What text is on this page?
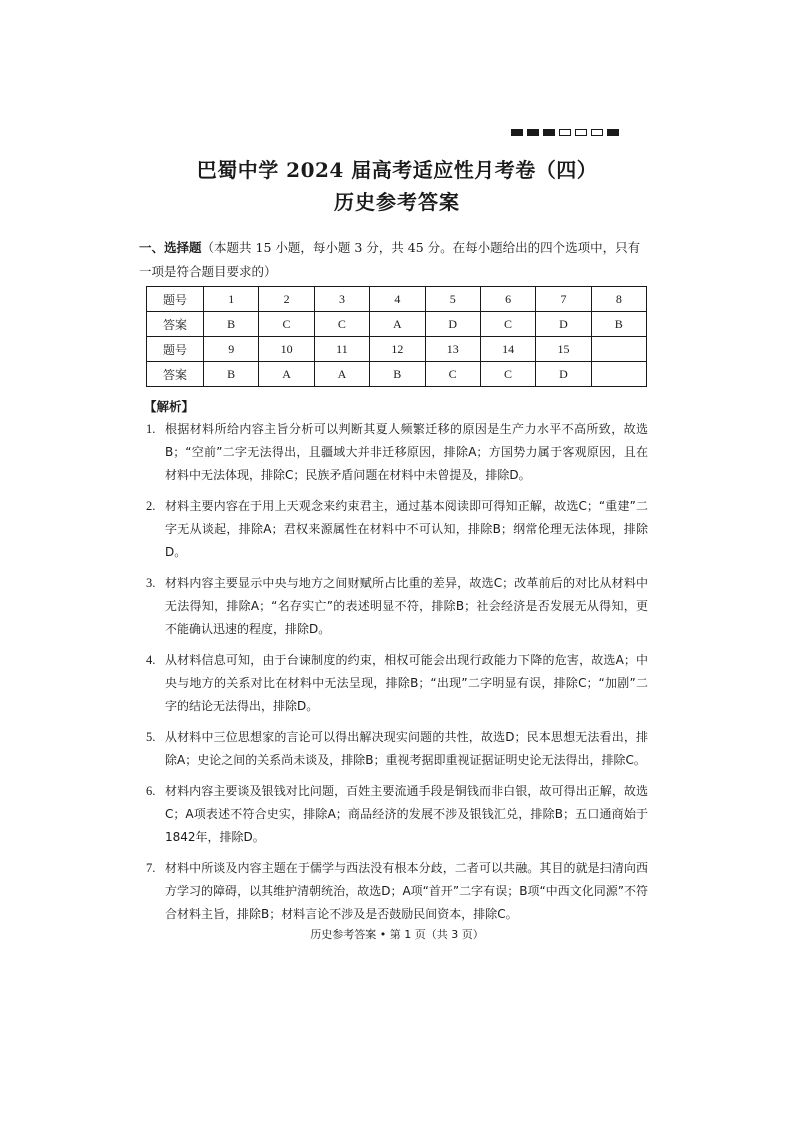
巴蜀中学 2024 届高考适应性月考卷（四）
历史参考答案

一、选择题（本题共 15 小题，每小题 3 分，共 45 分。在每小题给出的四个选项中，只有一项是符合题目要求的）

题号	1	2	3	4	5	6	7	8
答案	B	C	C	A	D	C	D	B
题号	9	10	11	12	13	14	15	
答案	B	A	A	B	C	C	D	

【解析】

1. 根据材料所给内容主旨分析可以判断其夏人频繁迁移的原因是生产力水平不高所致，故选B；“空前”二字无法得出，且疆域大并非迁移原因，排除A；方国势力属于客观原因，且在材料中无法体现，排除C；民族矛盾问题在材料中未曾提及，排除D。
2. 材料主要内容在于用上天观念来约束君主，通过基本阅读即可得知正解，故选C；“重建”二字无从谈起，排除A；君权来源属性在材料中不可认知，排除B；纲常伦理无法体现，排除D。
3. 材料内容主要显示中央与地方之间财赋所占比重的差异，故选C；改革前后的对比从材料中无法得知，排除A；“名存实亡”的表述明显不符，排除B；社会经济是否发展无从得知，更不能确认迅速的程度，排除D。
4. 从材料信息可知，由于台谏制度的约束，相权可能会出现行政能力下降的危害，故选A；中央与地方的关系对比在材料中无法呈现，排除B；“出现”二字明显有误，排除C；“加剧”二字的结论无法得出，排除D。
5. 从材料中三位思想家的言论可以得出解决现实问题的共性，故选D；民本思想无法看出，排除A；史论之间的关系尚未谈及，排除B；重视考据即重视证据证明史论无法得出，排除C。
6. 材料内容主要谈及银钱对比问题，百姓主要流通手段是铜钱而非白银，故可得出正解，故选C；A项表述不符合史实，排除A；商品经济的发展不涉及银钱汇兑，排除B；五口通商始于1842年，排除D。
7. 材料中所谈及内容主题在于儒学与西法没有根本分歧，二者可以共融。其目的就是扫清向西方学习的障碍，以其维护清朝统治，故选D；A项“首开”二字有误；B项“中西文化同源”不符合材料主旨，排除B；材料言论不涉及是否鼓励民间资本，排除C。

历史参考答案 • 第 1 页（共 3 页）
